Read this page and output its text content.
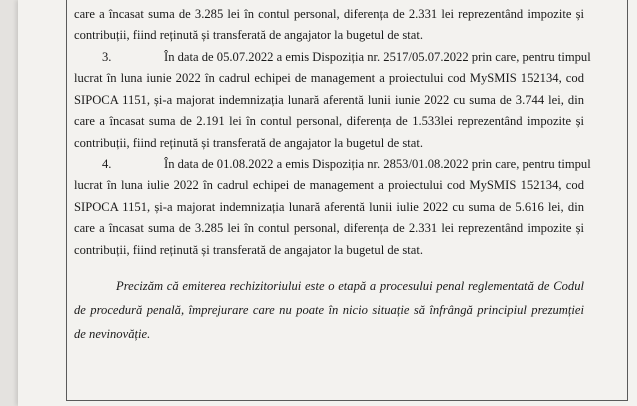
care a încasat suma de 3.285 lei în contul personal, diferența de 2.331 lei reprezentând impozite și
contribuții, fiind reținută și transferată de angajator la bugetul de stat.
3.	În data de 05.07.2022 a emis Dispoziția nr. 2517/05.07.2022 prin care, pentru timpul
lucrat în luna iunie 2022 în cadrul echipei de management a proiectului cod MySMIS 152134, cod
SIPOCA 1151, și-a majorat indemnizația lunară aferentă lunii iunie 2022 cu suma de 3.744 lei, din
care a încasat suma de 2.191 lei în contul personal, diferența de 1.533lei reprezentând impozite și
contribuții, fiind reținută și transferată de angajator la bugetul de stat.
4.	În data de 01.08.2022 a emis Dispoziția nr. 2853/01.08.2022 prin care, pentru timpul
lucrat în luna iulie 2022 în cadrul echipei de management a proiectului cod MySMIS 152134, cod
SIPOCA 1151, și-a majorat indemnizația lunară aferentă lunii iulie 2022 cu suma de 5.616 lei, din
care a încasat suma de 3.285 lei în contul personal, diferența de 2.331 lei reprezentând impozite și
contribuții, fiind reținută și transferată de angajator la bugetul de stat.
Precizăm că emiterea rechizitoriului este o etapă a procesului penal reglementată de Codul
de procedură penală, împrejurare care nu poate în nicio situație să înfrângă principiul prezumției
de nevinovăție.
